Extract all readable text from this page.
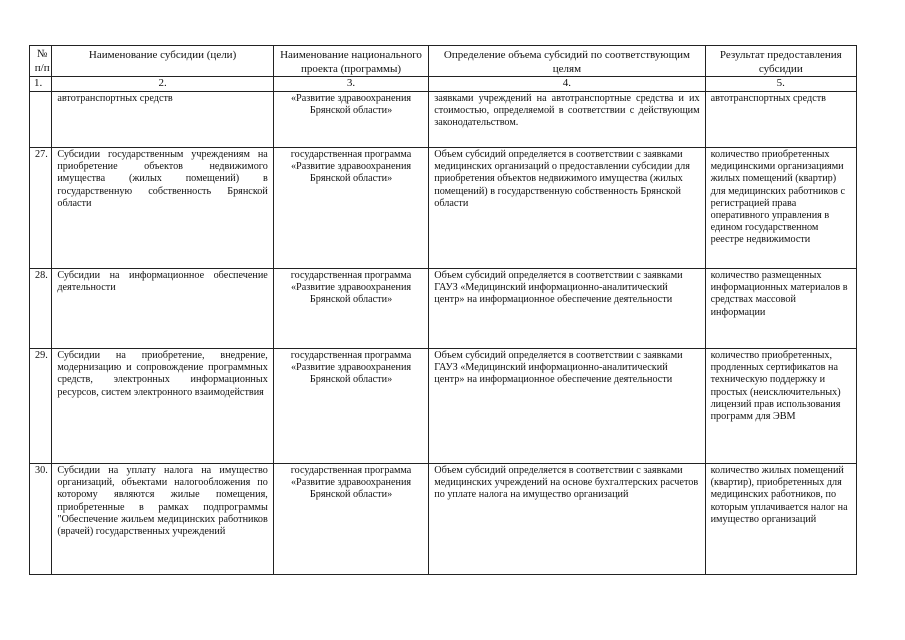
№ п/п	Наименование субсидии (цели)	Наименование национального проекта (программы)	Определение объема субсидий по соответствующим целям	Результат предоставления субсидии
1.	2.	3.	4.	5.
	автотранспортных средств	«Развитие здравоохранения Брянской области»	заявками учреждений на автотранспортные средства и их стоимостью, определяемой в соответствии с действующим законодательством.	автотранспортных средств
27.	Субсидии государственным учреждениям на приобретение объектов недвижимого имущества (жилых помещений) в государственную собственность Брянской области	государственная программа «Развитие здравоохранения Брянской области»	Объем субсидий определяется в соответствии с заявками медицинских организаций о предоставлении субсидии для приобретения объектов недвижимого имущества (жилых помещений) в государственную собственность Брянской области	количество приобретенных медицинскими организациями жилых помещений (квартир) для медицинских работников с регистрацией права оперативного управления в едином государственном реестре недвижимости
28.	Субсидии на информационное обеспечение деятельности	государственная программа «Развитие здравоохранения Брянской области»	Объем субсидий определяется в соответствии с заявками ГАУЗ «Медицинский информационно-аналитический центр» на информационное обеспечение деятельности	количество размещенных информационных материалов в средствах массовой информации
29.	Субсидии на приобретение, внедрение, модернизацию и сопровождение программных средств, электронных информационных ресурсов, систем электронного взаимодействия	государственная программа «Развитие здравоохранения Брянской области»	Объем субсидий определяется в соответствии с заявками ГАУЗ «Медицинский информационно-аналитический центр» на информационное обеспечение деятельности	количество приобретенных, продленных сертификатов на техническую поддержку и простых (неисключительных) лицензий прав использования программ для ЭВМ
30.	Субсидии на уплату налога на имущество организаций, объектами налогообложения по которому являются жилые помещения, приобретенные в рамках подпрограммы "Обеспечение жильем медицинских работников (врачей) государственных учреждений	государственная программа «Развитие здравоохранения Брянской области»	Объем субсидий определяется в соответствии с заявками медицинских учреждений на основе бухгалтерских расчетов по уплате налога на имущество организаций	количество жилых помещений (квартир), приобретенных для медицинских работников, по которым уплачивается налог на имущество организаций
